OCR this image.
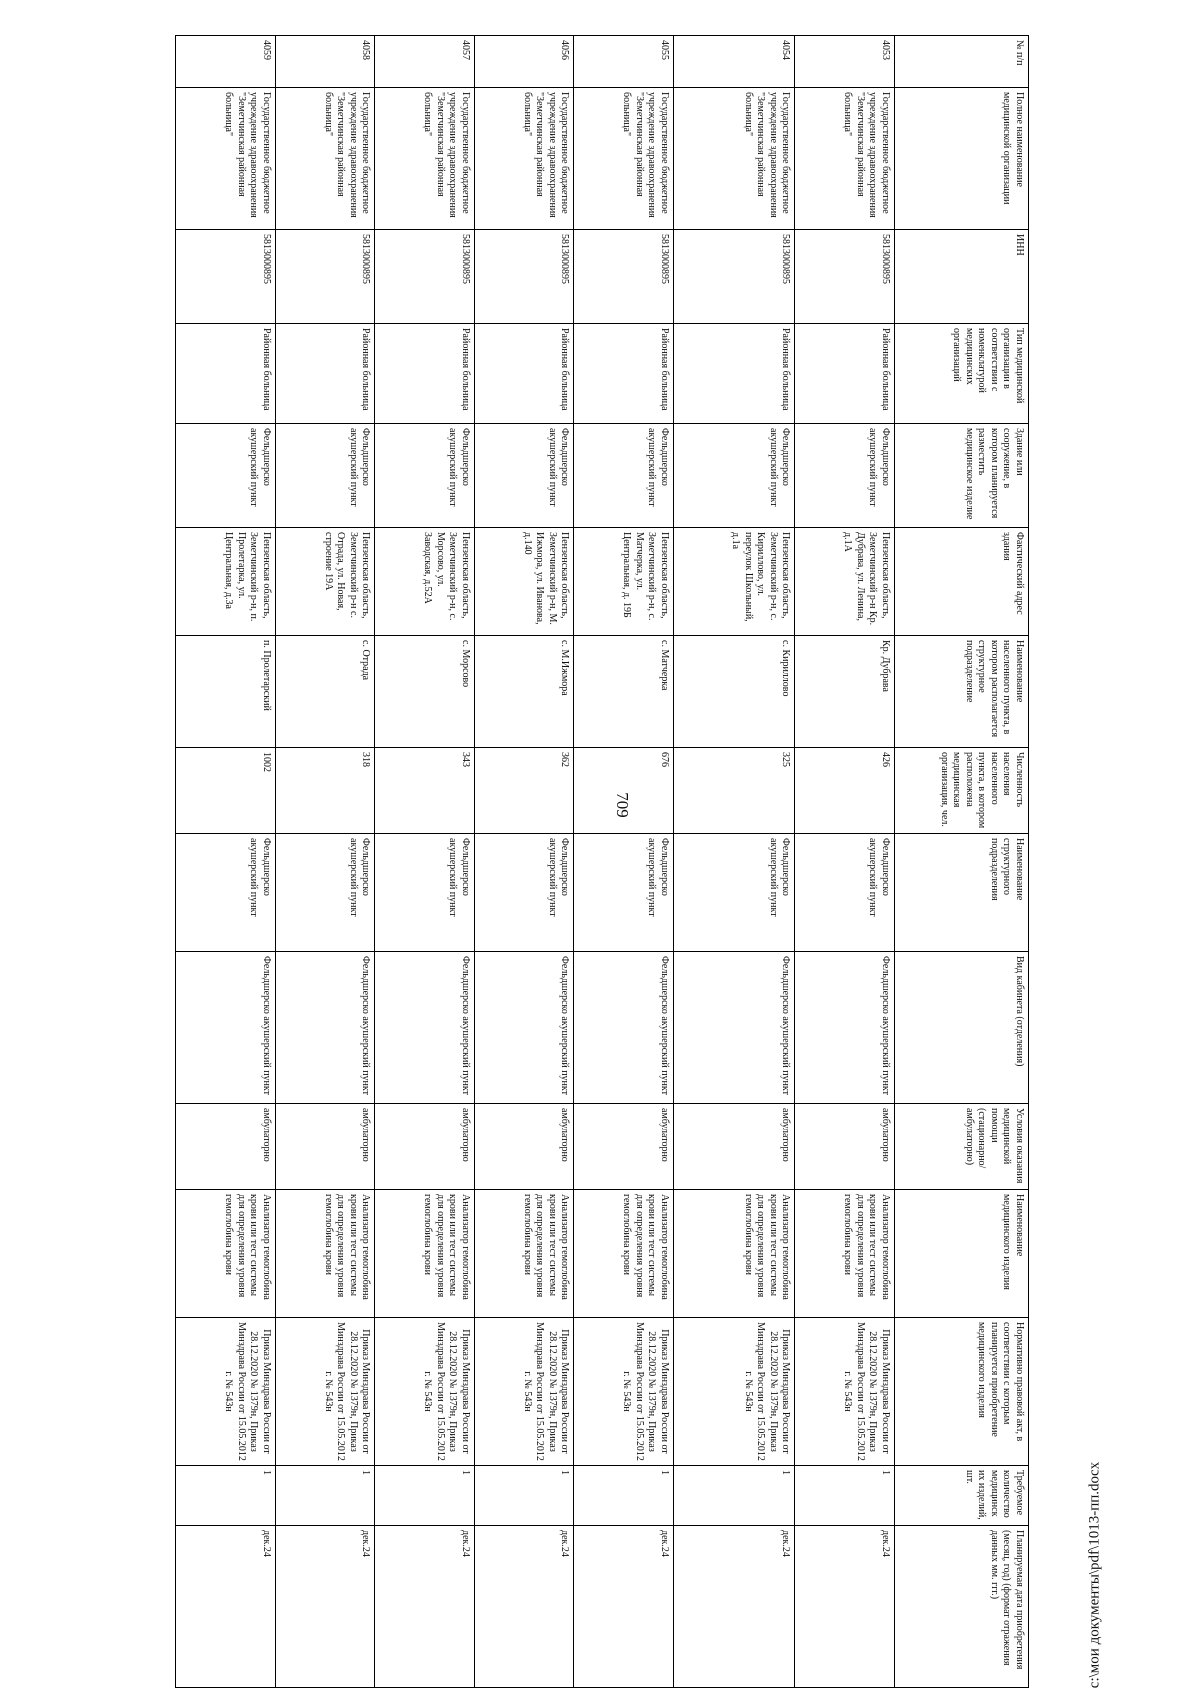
709
№ п/п	Полное наименование медицинской организации	ИНН	Тип медицинской организации в соответствии с номенклатурой медицинских организаций	Здание или сооружение, в котором планируется разместить медицинское изделие	Фактический адрес здания	Наименование населенного пункта, в котором располагается структурное подразделение	Численность населения населенного пункта, в котором расположена медицинская организация, чел.	Наименование структурного подразделения	Вид кабинета (отделения)	Условия оказания медицинской помощи (стационарно/ амбулаторно)	Наименование медицинского изделия	Нормативно правовой акт, в соответствии с которым планируется приобретение медицинского изделия	Требуемое количество медицинских изделий, шт.	Планируемая дата приобретения (месяц, год) (формат отражения данных мм. ггг.)
4053	Государственное бюджетное учреждение здравоохранения "Земетчинская районная больница"	5813000895	Районная больница	Фельдшерско акушерский пункт	Пензенская область, Земетчинский р-н Кр. Дубрава, ул. Ленина, д.1А	Кр. Дубрава	426	Фельдшерско акушерский пункт	Фельдшерско акушерский пункт	амбулаторно	Анализатор гемоглобина крови или тест системы для определения уровня гемоглобина крови	Приказ Минздрава России от 28.12.2020 № 1379н, Приказ Минздрава России от 15.05.2012 г. № 543н	1	дек.24
4054	Государственное бюджетное учреждение здравоохранения "Земетчинская районная больница"	5813000895	Районная больница	Фельдшерско акушерский пункт	Пензенская область, Земетчинский р-н, с. Кириллово, ул. переулок Школьный, д.1а	с. Кириллово	325	Фельдшерско акушерский пункт	Фельдшерско акушерский пункт	амбулаторно	Анализатор гемоглобина крови или тест системы для определения уровня гемоглобина крови	Приказ Минздрава России от 28.12.2020 № 1379н, Приказ Минздрава России от 15.05.2012 г. № 543н	1	дек.24
4055	Государственное бюджетное учреждение здравоохранения "Земетчинская районная больница"	5813000895	Районная больница	Фельдшерско акушерский пункт	Пензенская область, Земетчинский р-н, с. Матчерка, ул. Центральная, д. 19Б	с. Матчерка	676	Фельдшерско акушерский пункт	Фельдшерско акушерский пункт	амбулаторно	Анализатор гемоглобина крови или тест системы для определения уровня гемоглобина крови	Приказ Минздрава России от 28.12.2020 № 1379н, Приказ Минздрава России от 15.05.2012 г. № 543н	1	дек.24
4056	Государственное бюджетное учреждение здравоохранения "Земетчинская районная больница"	5813000895	Районная больница	Фельдшерско акушерский пункт	Пензенская область, Земетчинский р-н, М. Ижмора, ул. Иванова, д.140	с. М.Ижмора	362	Фельдшерско акушерский пункт	Фельдшерско акушерский пункт	амбулаторно	Анализатор гемоглобина крови или тест системы для определения уровня гемоглобина крови	Приказ Минздрава России от 28.12.2020 № 1379н, Приказ Минздрава России от 15.05.2012 г. № 543н	1	дек.24
4057	Государственное бюджетное учреждение здравоохранения "Земетчинская районная больница"	5813000895	Районная больница	Фельдшерско акушерский пункт	Пензенская область, Земетчинский р-н, с. Морсово, ул. Заводская, д.52А	с. Морсово	343	Фельдшерско акушерский пункт	Фельдшерско акушерский пункт	амбулаторно	Анализатор гемоглобина крови или тест системы для определения уровня гемоглобина крови	Приказ Минздрава России от 28.12.2020 № 1379н, Приказ Минздрава России от 15.05.2012 г. № 543н	1	дек.24
4058	Государственное бюджетное учреждение здравоохранения "Земетчинская районная больница"	5813000895	Районная больница	Фельдшерско акушерский пункт	Пензенская область, Земетчинский р-н с. Отрада, ул. Новая, строение 19А	с. Отрада	318	Фельдшерско акушерский пункт	Фельдшерско акушерский пункт	амбулаторно	Анализатор гемоглобина крови или тест системы для определения уровня гемоглобина крови	Приказ Минздрава России от 28.12.2020 № 1379н, Приказ Минздрава России от 15.05.2012 г. № 543н	1	дек.24
4059	Государственное бюджетное учреждение здравоохранения "Земетчинская районная больница"	5813000895	Районная больница	Фельдшерско акушерский пункт	Пензенская область, Земетчинский р-н, п. Пролетарка, ул. Центральная, д.3а	п. Пролетарский	1002	Фельдшерско акушерский пункт	Фельдшерско акушерский пункт	амбулаторно	Анализатор гемоглобина крови или тест системы для определения уровня гемоглобина крови	Приказ Минздрава России от 28.12.2020 № 1379н, Приказ Минздрава России от 15.05.2012 г. № 543н	1	дек.24	c:\мои документы\pdf\1013-пп.docx
